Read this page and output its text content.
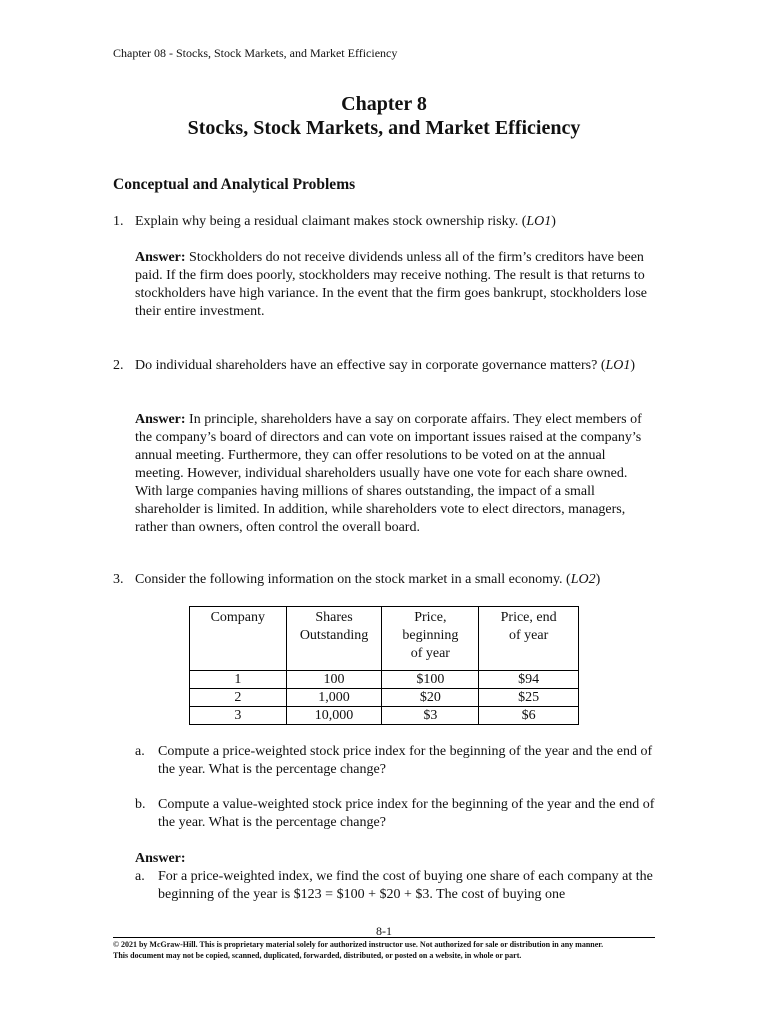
Chapter 08 - Stocks, Stock Markets, and Market Efficiency
Chapter 8
Stocks, Stock Markets, and Market Efficiency
Conceptual and Analytical Problems
1. Explain why being a residual claimant makes stock ownership risky. (LO1)
Answer: Stockholders do not receive dividends unless all of the firm’s creditors have been paid. If the firm does poorly, stockholders may receive nothing. The result is that returns to stockholders have high variance. In the event that the firm goes bankrupt, stockholders lose their entire investment.
2. Do individual shareholders have an effective say in corporate governance matters? (LO1)
Answer: In principle, shareholders have a say on corporate affairs. They elect members of the company’s board of directors and can vote on important issues raised at the company’s annual meeting. Furthermore, they can offer resolutions to be voted on at the annual meeting. However, individual shareholders usually have one vote for each share owned. With large companies having millions of shares outstanding, the impact of a small shareholder is limited. In addition, while shareholders vote to elect directors, managers, rather than owners, often control the overall board.
3. Consider the following information on the stock market in a small economy. (LO2)
Company	Shares Outstanding	Price, beginning of year	Price, end of year

1	100	$100	$94
2	1,000	$20	$25
3	10,000	$3	$6
a. Compute a price-weighted stock price index for the beginning of the year and the end of the year. What is the percentage change?
b. Compute a value-weighted stock price index for the beginning of the year and the end of the year. What is the percentage change?
Answer:
a. For a price-weighted index, we find the cost of buying one share of each company at the beginning of the year is $123 = $100 + $20 + $3. The cost of buying one
8-1
© 2021 by McGraw-Hill. This is proprietary material solely for authorized instructor use. Not authorized for sale or distribution in any manner.
This document may not be copied, scanned, duplicated, forwarded, distributed, or posted on a website, in whole or part.
